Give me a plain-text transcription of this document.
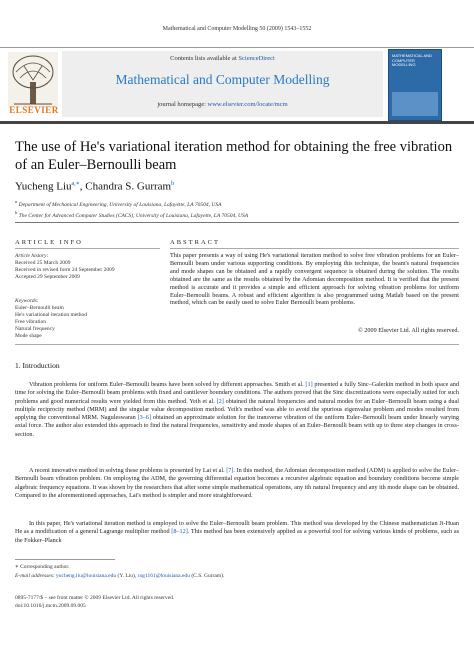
Mathematical and Computer Modelling 50 (2009) 1543–1552
Contents lists available at ScienceDirect
Mathematical and Computer Modelling
journal homepage: www.elsevier.com/locate/mcm
ELSEVIER
MATHEMATICAL AND COMPUTER MODELLING
The use of He's variational iteration method for obtaining the free vibration of an Euler–Bernoulli beam
Yucheng Liu$^{a,∗}$, Chandra S. Gurram$^b$
$^a$ Department of Mechanical Engineering, University of Louisiana, Lafayette, LA 70504, USA
$^b$ The Center for Advanced Computer Studies (CACS), University of Louisiana, Lafayette, LA 70504, USA
ARTICLE INFO
Article history:
Received 25 March 2009
Received in revised form 24 September 2009
Accepted 29 September 2009
Keywords:
Euler–Bernoulli beam
He's variational iteration method
Free vibration
Natural frequency
Mode shape
ABSTRACT

This paper presents a way of using He's variational iteration method to solve free vibration problems for an Euler–Bernoulli beam under various supporting conditions. By employing this technique, the beam's natural frequencies and mode shapes can be obtained and a rapidly convergent sequence is obtained during the solution. The results obtained are the same as the results obtained by the Adomian decomposition method. It is verified that the present method is accurate and it provides a simple and efficient approach for solving vibration problems for uniform Euler–Bernoulli beams. A robust and efficient algorithm is also programmed using Matlab based on the present method, which can be easily used to solve Euler Bernoulli beam problems.

© 2009 Elsevier Ltd. All rights reserved.
1. Introduction

Vibration problems for uniform Euler–Bernoulli beams have been solved by different approaches. Smith et al. [1] presented a fully Sinc–Galerkin method in both space and time for solving the Euler–Bernoulli beam problems with fixed and cantilever boundary conditions. The authors proved that the Sinc discretizations were especially suited for such problems and good numerical results were yielded from this method. Yeih et al. [2] obtained the natural frequencies and natural modes for an Euler–Bernoulli beam using a dual multiple reciprocity method (MRM) and the singular value decomposition method. Yeih's method was able to avoid the spurious eigenvalue problem and modes resulted from applying the conventional MRM. Naguleswaran [3–6] obtained an approximate solution for the transverse vibration of the uniform Euler–Bernoulli beam under linearly varying axial force. The author also extended this approach to find the natural frequencies, sensitivity and mode shapes of an Euler–Bernoulli beam with up to three step changes in cross-section.

A recent innovative method in solving these problems is presented by Lai et al. [7]. In this method, the Adomian decomposition method (ADM) is applied to solve the Euler–Bernoulli beam vibration problem. On employing the ADM, the governing differential equation becomes a recursive algebraic equation and boundary conditions become simple algebraic frequency equations. It was shown by the researchers that after some simple mathematical operations, any ith natural frequency and any ith mode shape can be obtained. Compared to the aforementioned approaches, Lai's method is simpler and more straightforward.

In this paper, He's variational iteration method is employed to solve the Euler–Bernoulli beam problem. This method was developed by the Chinese mathematician Ji-Huan He as a modification of a general Lagrange multiplier method [8–12]. This method has been extensively applied as a powerful tool for solving various kinds of problems, such as the Fokker–Planck

∗ Corresponding author.
E-mail addresses: yucheng.liu@louisiana.edu (Y. Liu), csg1161@louisiana.edu (C.S. Gurram).
0895-7177/$ – see front matter © 2009 Elsevier Ltd. All rights reserved.
doi:10.1016/j.mcm.2009.09.005
